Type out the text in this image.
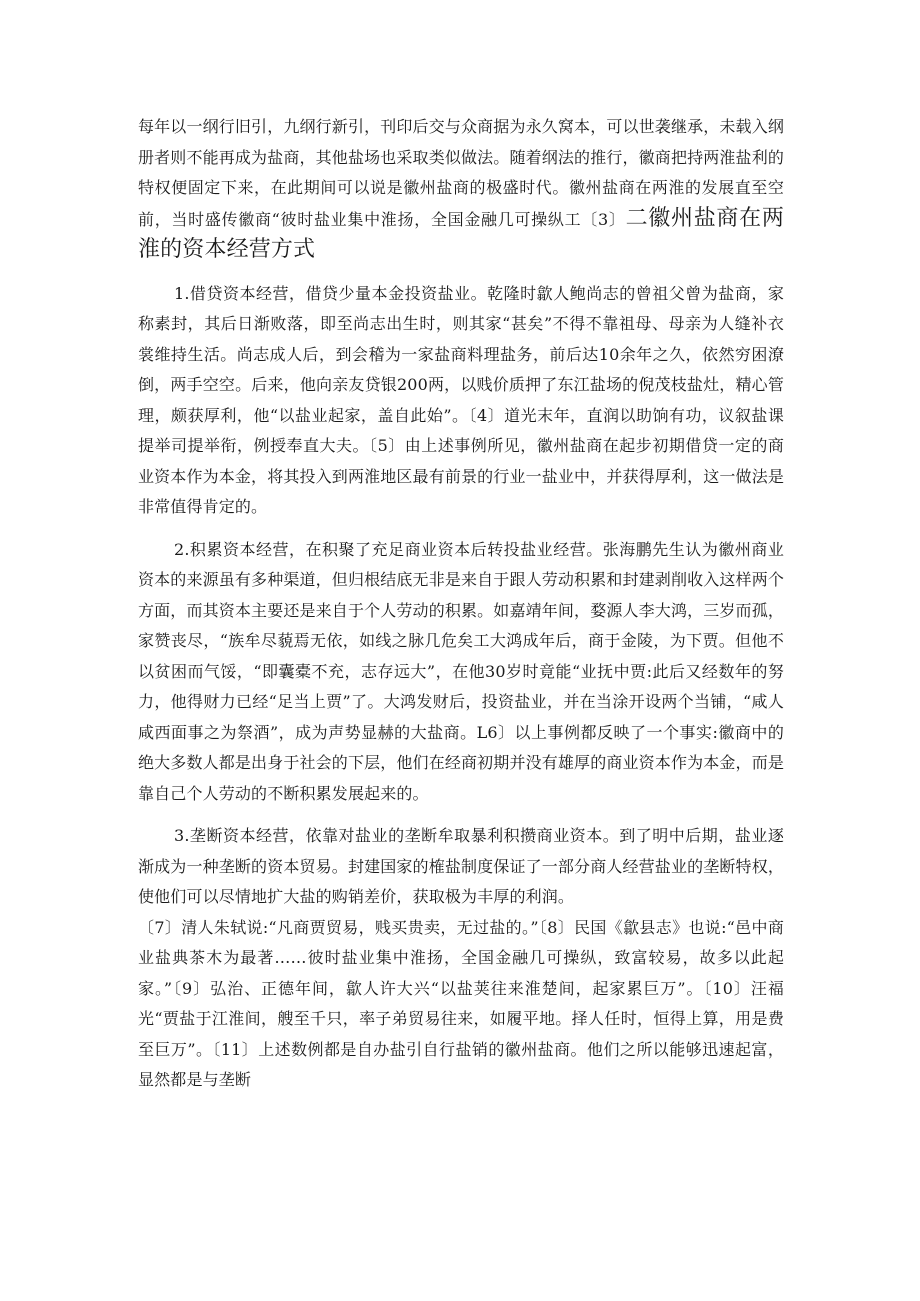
每年以一纲行旧引，九纲行新引，刊印后交与众商据为永久窝本，可以世袭继承，未载入纲册者则不能再成为盐商，其他盐场也采取类似做法。随着纲法的推行，徽商把持两淮盐利的特权便固定下来，在此期间可以说是徽州盐商的极盛时代。徽州盐商在两淮的发展直至空前，当时盛传徽商“彼时盐业集中淮扬，全国金融几可操纵工〔3〕二徽州盐商在两淮的资本经营方式

1.借贷资本经营，借贷少量本金投资盐业。乾隆时歙人鲍尚志的曾祖父曾为盐商，家称素封，其后日渐败落，即至尚志出生时，则其家“甚矣”不得不靠祖母、母亲为人缝补衣裳维持生活。尚志成人后，到会稽为一家盐商料理盐务，前后达10余年之久，依然穷困潦倒，两手空空。后来，他向亲友贷银200两，以贱价质押了东江盐场的倪茂枝盐灶，精心管理，颇获厚利，他“以盐业起家，盖自此始”。〔4〕道光末年，直润以助饷有功，议叙盐课提举司提举衔，例授奉直大夫。〔5〕由上述事例所见，徽州盐商在起步初期借贷一定的商业资本作为本金，将其投入到两淮地区最有前景的行业一盐业中，并获得厚利，这一做法是非常值得肯定的。

2.积累资本经营，在积聚了充足商业资本后转投盐业经营。张海鹏先生认为徽州商业资本的来源虽有多种渠道，但归根结底无非是来自于跟人劳动积累和封建剥削收入这样两个方面，而其资本主要还是来自于个人劳动的积累。如嘉靖年间，婺源人李大鸿，三岁而孤，家赞丧尽，“族牟尽藐焉无依，如线之脉几危矣工大鸿成年后，商于金陵，为下贾。但他不以贫困而气馁，“即囊橐不充，志存远大”，在他30岁时竟能“业抚中贾:此后又经数年的努力，他得财力已经“足当上贾”了。大鸿发财后，投资盐业，并在当涂开设两个当铺，“咸人咸西面事之为祭酒”，成为声势显赫的大盐商。L6〕以上事例都反映了一个事实:徽商中的绝大多数人都是出身于社会的下层，他们在经商初期并没有雄厚的商业资本作为本金，而是靠自己个人劳动的不断积累发展起来的。

3.垄断资本经营，依靠对盐业的垄断牟取暴利积攒商业资本。到了明中后期，盐业逐渐成为一种垄断的资本贸易。封建国家的榷盐制度保证了一部分商人经营盐业的垄断特权，使他们可以尽情地扩大盐的购销差价，获取极为丰厚的利润。

〔7〕清人朱轼说:“凡商贾贸易，贱买贵卖，无过盐的。”〔8〕民国《歙县志》也说:“邑中商业盐典茶木为最著……彼时盐业集中淮扬，全国金融几可操纵，致富较易，故多以此起家。”〔9〕弘治、正德年间，歙人许大兴“以盐荚往来淮楚间，起家累巨万”。〔10〕汪福光“贾盐于江淮间，艘至千只，率子弟贸易往来，如履平地。择人任时，恒得上算，用是费至巨万”。〔11〕上述数例都是自办盐引自行盐销的徽州盐商。他们之所以能够迅速起富，显然都是与垄断
